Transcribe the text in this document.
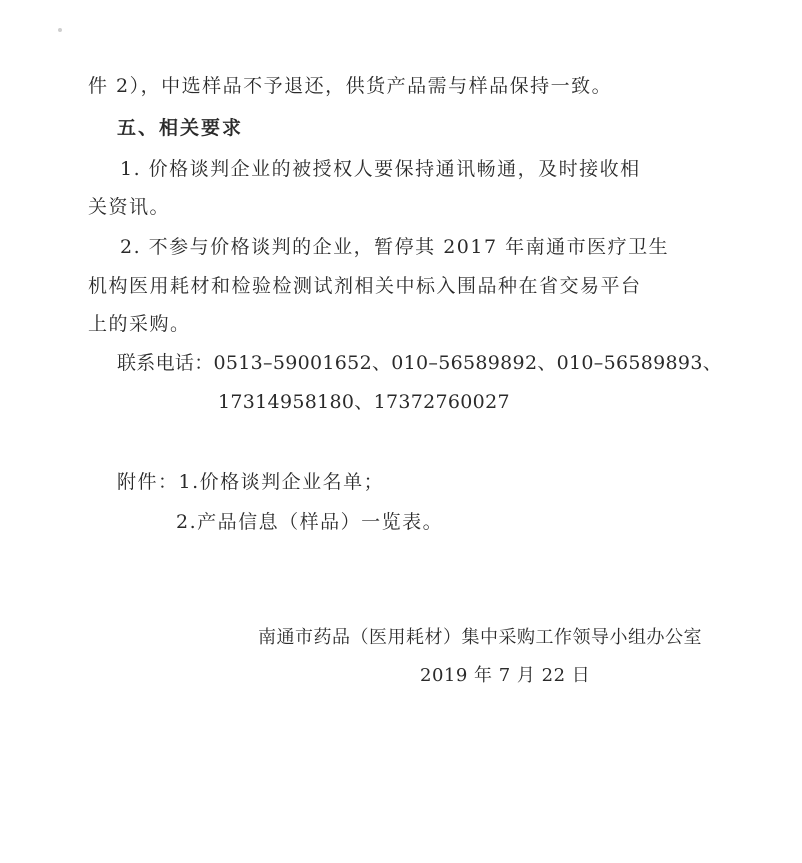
件 2），中选样品不予退还，供货产品需与样品保持一致。
五、相关要求
1. 价格谈判企业的被授权人要保持通讯畅通，及时接收相
关资讯。
2. 不参与价格谈判的企业，暂停其 2017 年南通市医疗卫生
机构医用耗材和检验检测试剂相关中标入围品种在省交易平台
上的采购。
联系电话：0513–59001652、010–56589892、010–56589893、
17314958180、17372760027
附件：1.价格谈判企业名单；
2.产品信息（样品）一览表。
南通市药品（医用耗材）集中采购工作领导小组办公室
2019 年 7 月 22 日
